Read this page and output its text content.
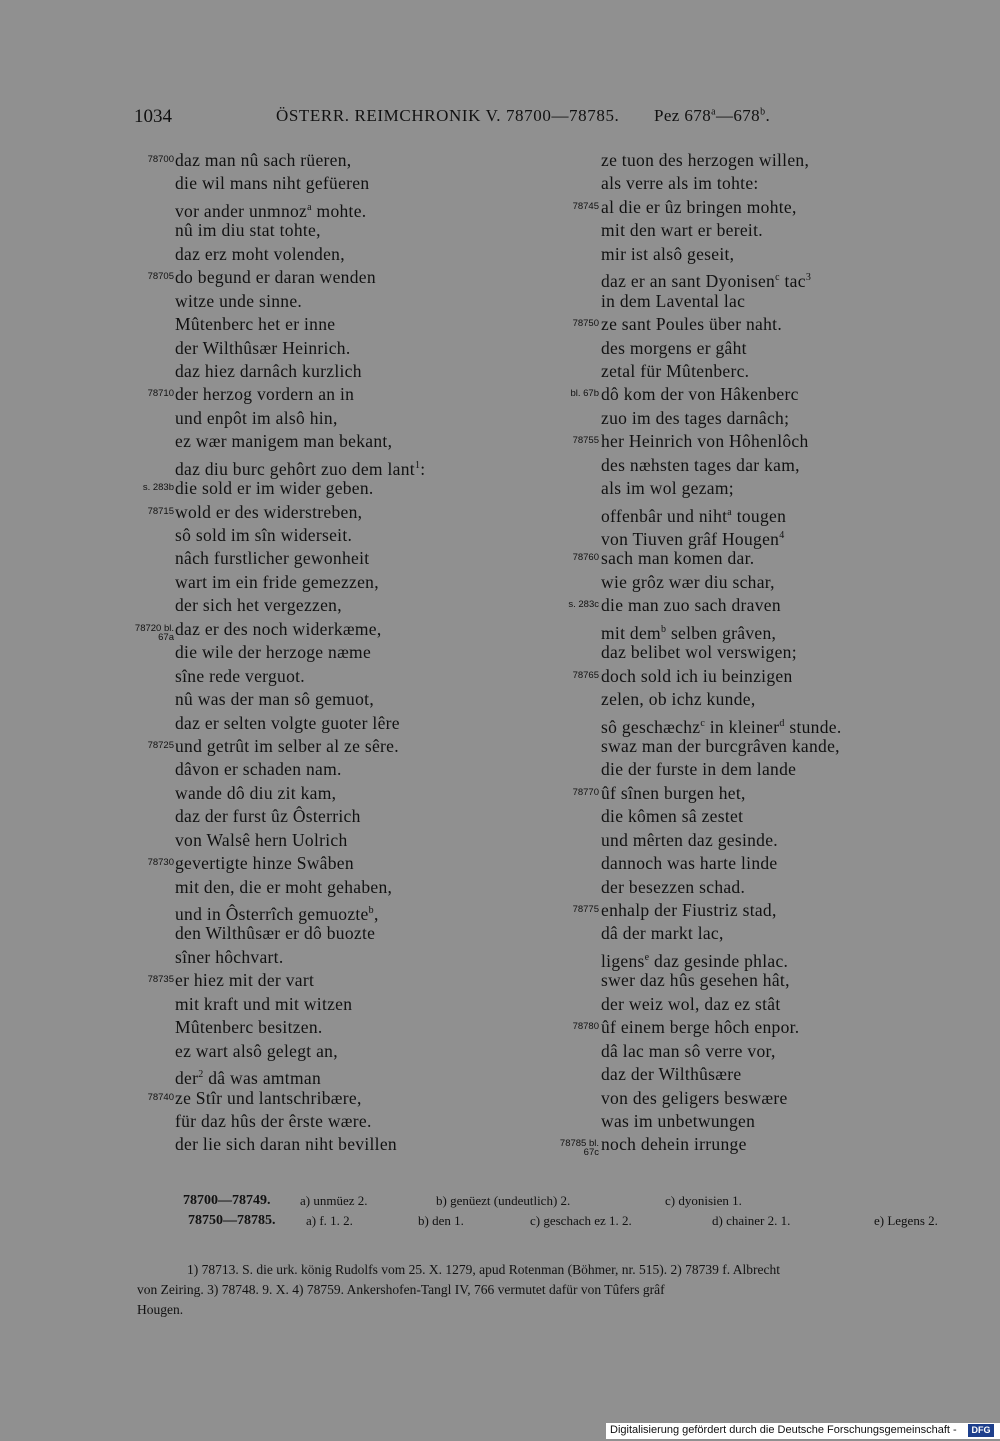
1034	ÖSTERR. REIMCHRONIK V. 78700—78785. Pez 678$^a$—678$^b$.
78700 daz man nû sach rüeren,
die wil mans niht gefüeren
vor ander unmnoz$^a$ mohte.
nû im diu stat tohte,
daz erz moht volenden,
78705 do begund er daran wenden
witze unde sinne.
Mûtenberc het er inne
der Wilthûsær Heinrich.
daz hiez darnâch kurzlich
78710 der herzog vordern an in
und enpôt im alsô hin,
ez wær manigem man bekant,
daz diu burc gehôrt zuo dem lant$^1$:
s. 283b die sold er im wider geben.
78715 wold er des widerstreben,
sô sold im sîn widerseit.
nâch furstlicher gewonheit
wart im ein fride gemezzen,
der sich het vergezzen,
78720 bl. 67a daz er des noch widerkæme,
die wile der herzoge næme
sîne rede verguot.
nû was der man sô gemuot,
daz er selten volgte guoter lêre
78725 und getrût im selber al ze sêre.
dâvon er schaden nam.
wande dô diu zit kam,
daz der furst ûz Ôsterrich
von Walsê hern Uolrich
78730 gevertigte hinze Swâben
mit den, die er moht gehaben,
und in Ôsterrîch gemuozte$^b$,
den Wilthûsær er dô buozte
sîner hôchvart.
78735 er hiez mit der vart
mit kraft und mit witzen
Mûtenberc besitzen.
ez wart alsô gelegt an,
der$^2$ dâ was amtman
78740 ze Stîr und lantschribære,
für daz hûs der êrste wære.
der lie sich daran niht bevillen
ze tuon des herzogen willen,
als verre als im tohte:
78745 al die er ûz bringen mohte,
mit den wart er bereit.
mir ist alsô geseit,
daz er an sant Dyonisen$^c$ tac$^3$
in dem Lavental lac
78750 ze sant Poules über naht.
des morgens er gâht
zetal für Mûtenberc.
bl. 67b dô kom der von Hâkenberc
zuo im des tages darnâch;
78755 her Heinrich von Hôhenlôch
des næhsten tages dar kam,
als im wol gezam;
offenbâr und niht$^a$ tougen
von Tiuven grâf Hougen$^4$
78760 sach man komen dar.
wie grôz wær diu schar,
s. 283c die man zuo sach draven
mit dem$^b$ selben grâven,
daz belibet wol verswigen;
78765 doch sold ich iu beinzigen
zelen, ob ichz kunde,
sô geschæchz$^c$ in kleiner$^d$ stunde.
swaz man der burcgrâven kande,
die der furste in dem lande
78770 ûf sînen burgen het,
die kômen sâ zestet
und mêrten daz gesinde.
dannoch was harte linde
der besezzen schad.
78775 enhalp der Fiustriz stad,
dâ der markt lac,
ligens$^e$ daz gesinde phlac.
swer daz hûs gesehen hât,
der weiz wol, daz ez stât
78780 ûf einem berge hôch enpor.
dâ lac man sô verre vor,
daz der Wilthûsære
von des geligers beswære
was im unbetwungen
78785 bl. 67c noch dehein irrunge
78700—78749. a) unmüez 2.	b) genüezt (undeutlich) 2.	c) dyonisien 1.
78750—78785. a) f. 1. 2.	b) den 1.	c) geschach ez 1. 2.	d) chainer 2. 1.	e) Legens 2.

1) 78713. S. die urk. könig Rudolfs vom 25. X. 1279, apud Rotenman (Böhmer, nr. 515). 2) 78739 f. Albrecht

von Zeiring. 3) 78748. 9. X. 4) 78759. Ankershofen-Tangl IV, 766 vermutet dafür von Tûfers grâf

Hougen.

Digitalisierung gefördert durch die Deutsche Forschungsgemeinschaft -	DFG
